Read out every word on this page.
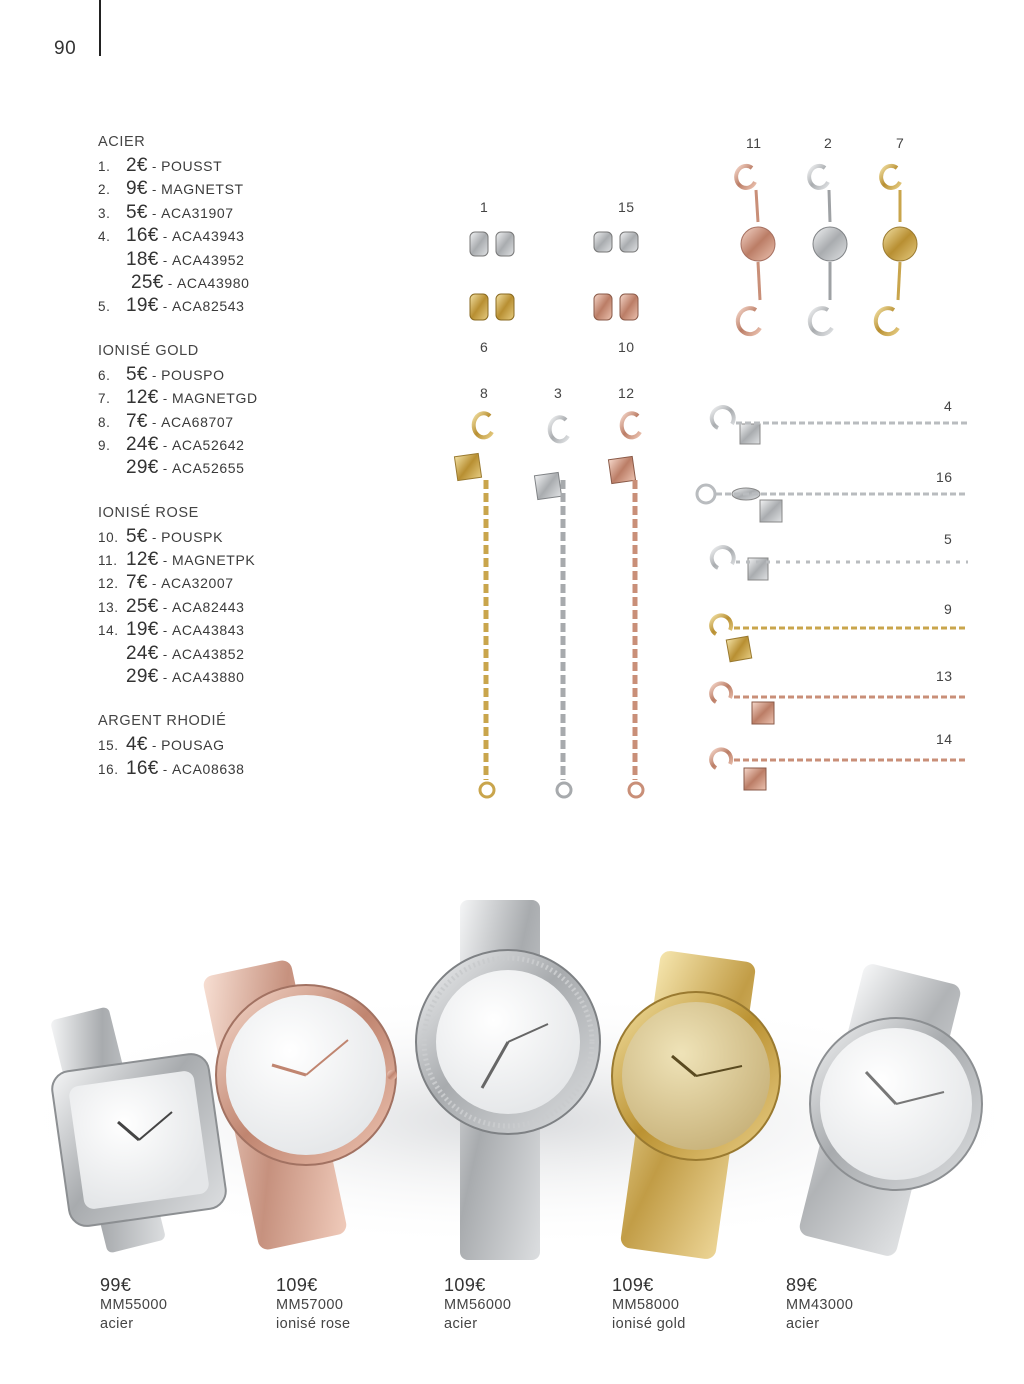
90
ACIER
1. 2€ - POUSST
2. 9€ - MAGNETST
3. 5€ - ACA31907
4. 16€ - ACA43943
18€ - ACA43952
25€ - ACA43980
5. 19€ - ACA82543
IONISÉ GOLD
6. 5€ - POUSPO
7. 12€ - MAGNETGD
8. 7€ - ACA68707
9. 24€ - ACA52642
29€ - ACA52655
IONISÉ ROSE
10. 5€ - POUSPK
11. 12€ - MAGNETPK
12. 7€ - ACA32007
13. 25€ - ACA82443
14. 19€ - ACA43843
24€ - ACA43852
29€ - ACA43880
ARGENT RHODIÉ
15. 4€ - POUSAG
16. 16€ - ACA08638
1	15
6	10
11	2	7
8	3	12
4
16
5
9
13
14
99€
MM55000
acier
109€
MM57000
ionisé rose
109€
MM56000
acier
109€
MM58000
ionisé gold
89€
MM43000
acier
